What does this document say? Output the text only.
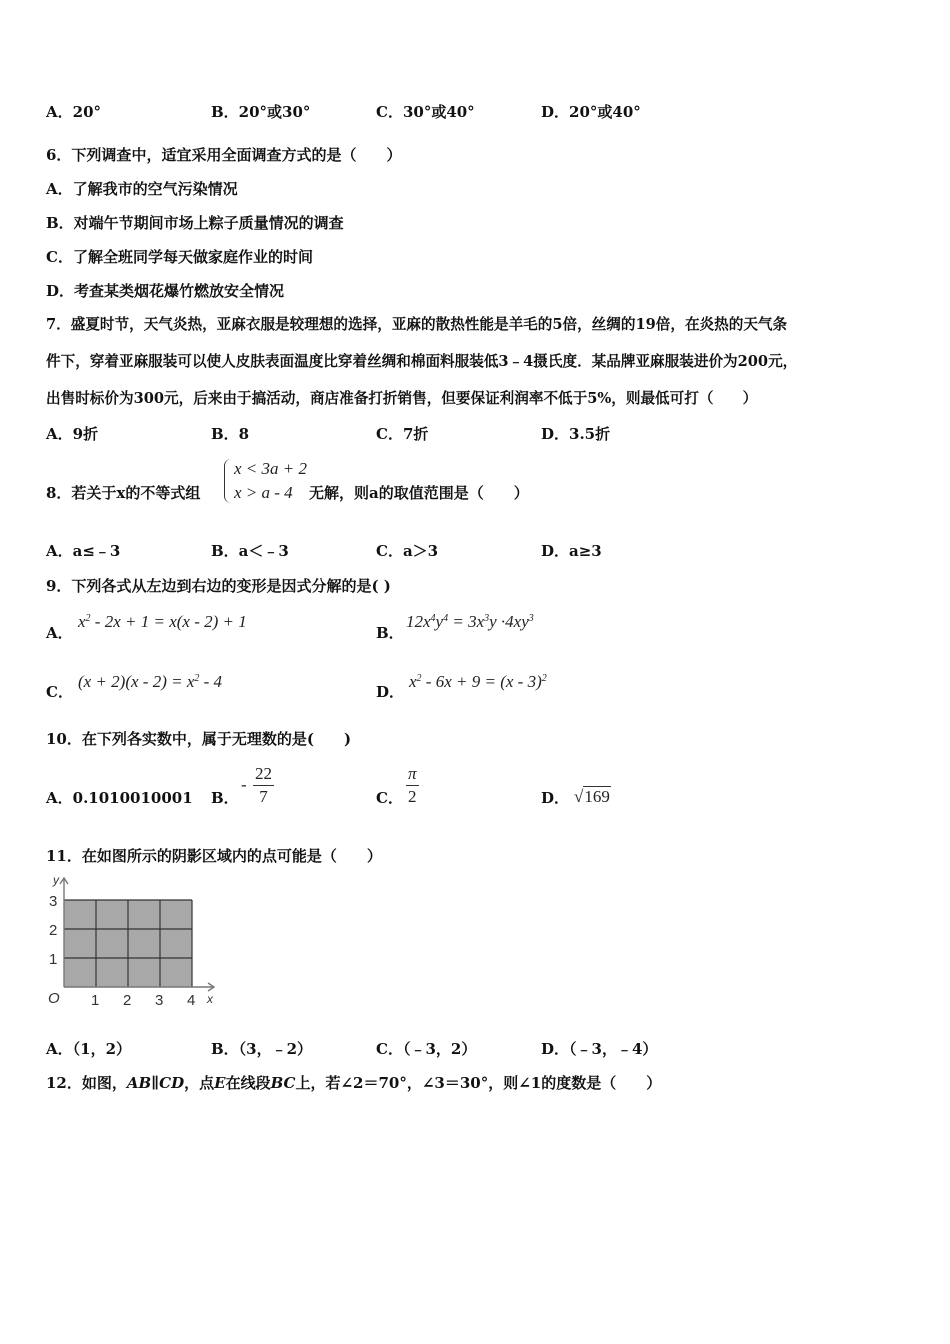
A．20°	B．20°或30°	C．30°或40°	D．20°或40°
6．下列调查中，适宜采用全面调查方式的是（　　）
A．了解我市的空气污染情况
B．对端午节期间市场上粽子质量情况的调查
C．了解全班同学每天做家庭作业的时间
D．考查某类烟花爆竹燃放安全情况
7．盛夏时节，天气炎热，亚麻衣服是较理想的选择，亚麻的散热性能是羊毛的5倍，丝绸的19倍，在炎热的天气条
件下，穿着亚麻服装可以使人皮肤表面温度比穿着丝绸和棉面料服装低3﹣4摄氏度．某品牌亚麻服装进价为200元，
出售时标价为300元，后来由于搞活动，商店准备打折销售，但要保证利润率不低于5%，则最低可打（　　）
A．9折	B．8	C．7折	D．3.5折
8．若关于x的不等式组
x < 3a + 2
x > a - 4	无解，则a的取值范围是（　　）
A．a≤﹣3	B．a＜﹣3	C．a＞3	D．a≥3
9．下列各式从左边到右边的变形是因式分解的是( )
A．
$x^2 - 2x + 1 = x(x - 2) + 1$
B．
$12x^4y^4 = 3x^3y \cdot 4xy^3$
C．
$(x + 2)(x - 2) = x^2 - 4$
D．
$x^2 - 6x + 9 = (x - 3)^2$
10．在下列各实数中，属于无理数的是(　　)
A．0.1010010001 B．
- $\frac{22}{7}$	C． $\frac{\pi}{2}$	D． √169
11．在如图所示的阴影区域内的点可能是（　　）
y
x
O 1 2 3 4
1
2
3
A．（1，2）	B．（3，﹣2）	C．（﹣3，2）	D．（﹣3，﹣4）
12．如图，AB∥CD，点E在线段BC上，若∠2＝70°，∠3＝30°，则∠1的度数是（　　）
